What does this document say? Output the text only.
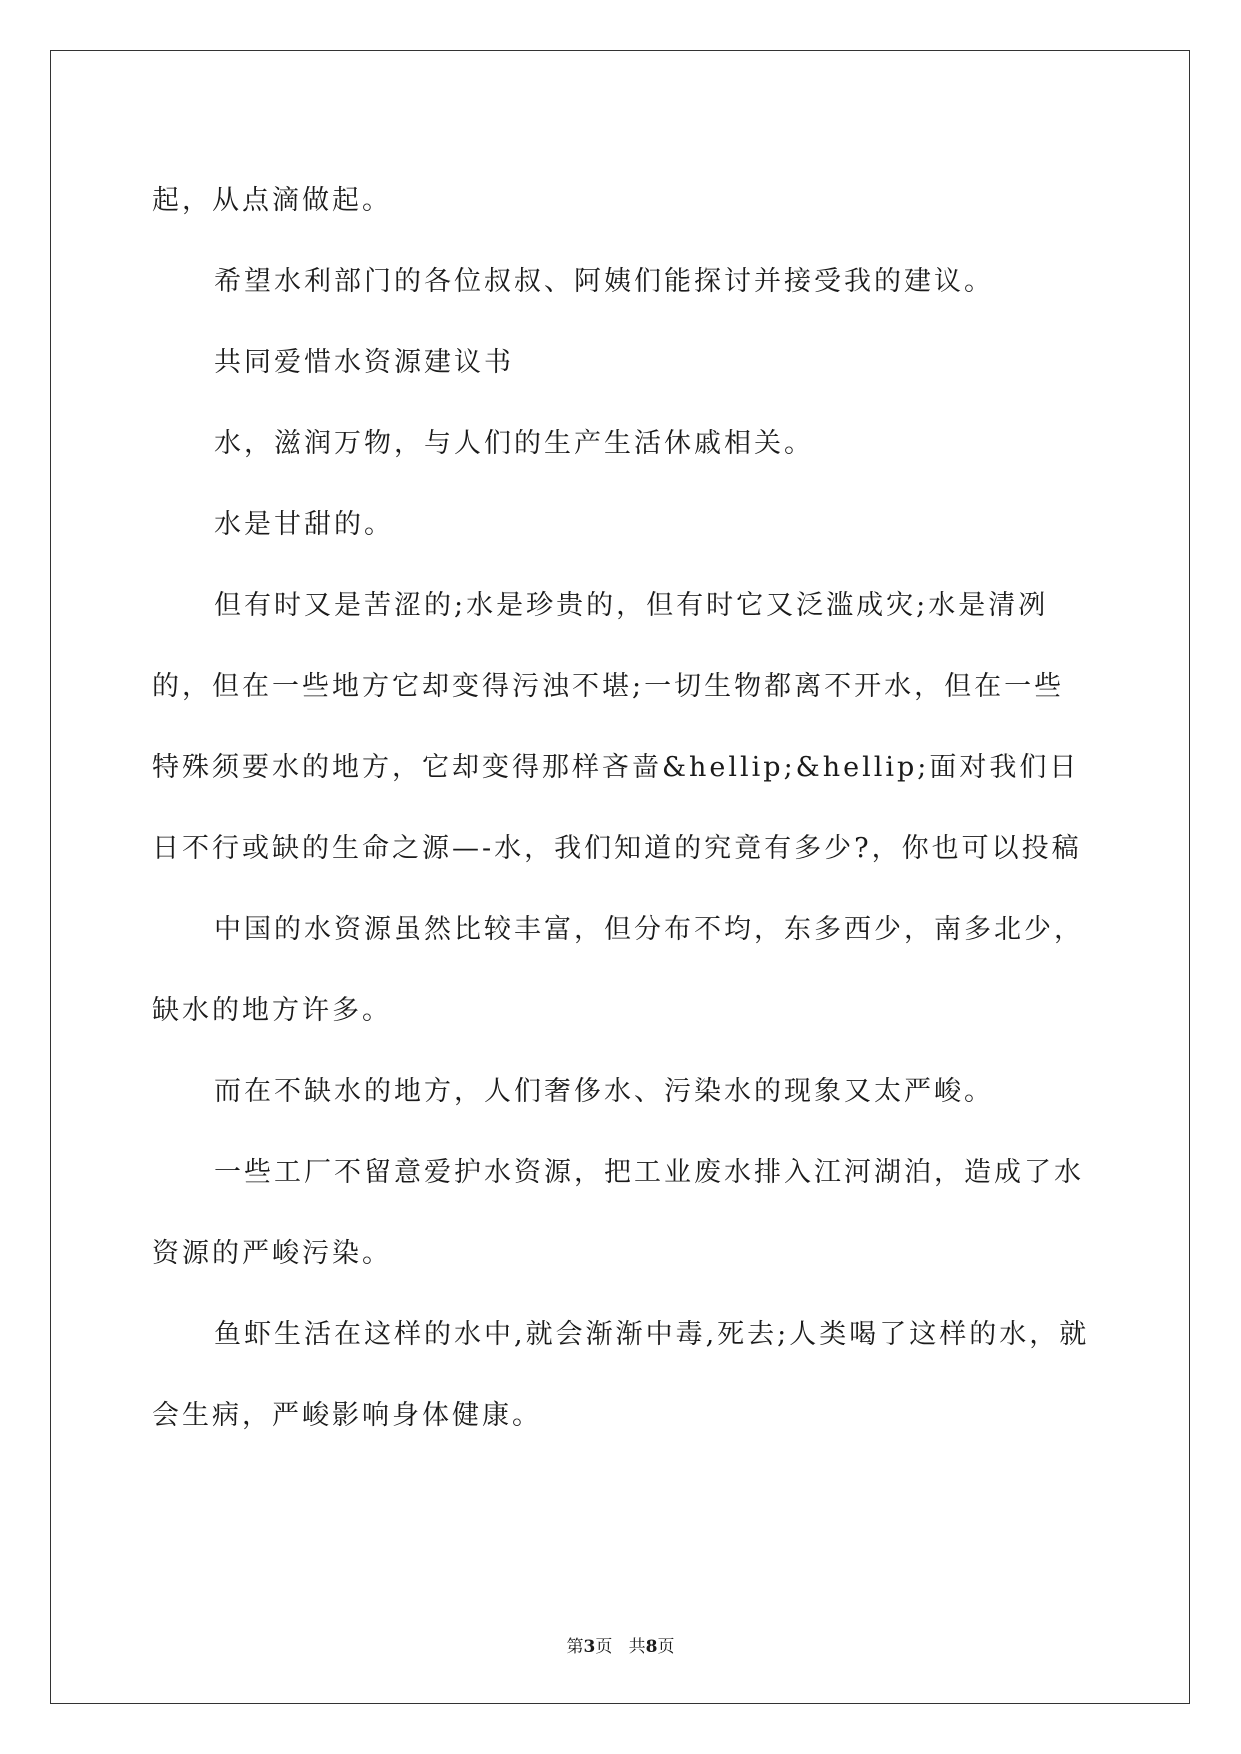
起，从点滴做起。

希望水利部门的各位叔叔、阿姨们能探讨并接受我的建议。

共同爱惜水资源建议书

水，滋润万物，与人们的生产生活休戚相关。

水是甘甜的。

但有时又是苦涩的;水是珍贵的，但有时它又泛滥成灾;水是清冽的，但在一些地方它却变得污浊不堪;一切生物都离不开水，但在一些特殊须要水的地方，它却变得那样吝啬&hellip;&hellip;面对我们日日不行或缺的生命之源—-水，我们知道的究竟有多少?，你也可以投稿

中国的水资源虽然比较丰富，但分布不均，东多西少，南多北少，缺水的地方许多。

而在不缺水的地方，人们奢侈水、污染水的现象又太严峻。

一些工厂不留意爱护水资源，把工业废水排入江河湖泊，造成了水资源的严峻污染。

鱼虾生活在这样的水中,就会渐渐中毒,死去;人类喝了这样的水，就会生病，严峻影响身体健康。

第3页 共8页
